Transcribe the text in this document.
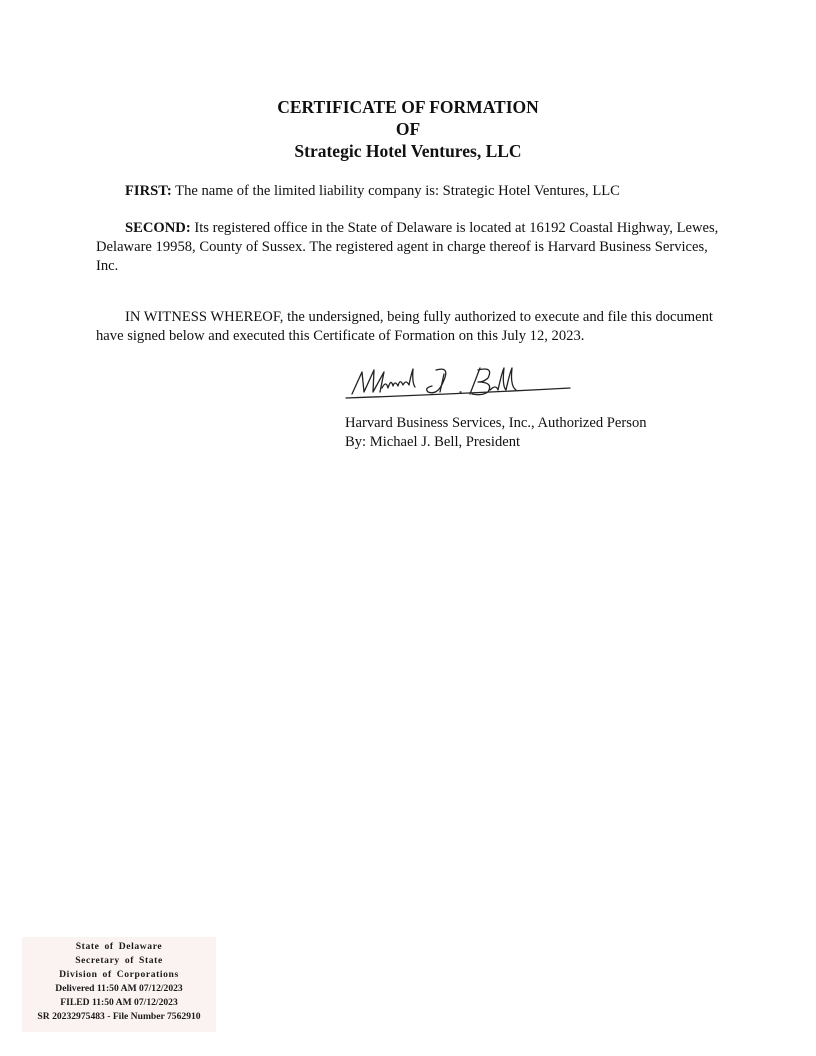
CERTIFICATE OF FORMATION
OF
Strategic Hotel Ventures, LLC
FIRST: The name of the limited liability company is: Strategic Hotel Ventures, LLC
SECOND: Its registered office in the State of Delaware is located at 16192 Coastal Highway, Lewes, Delaware 19958, County of Sussex. The registered agent in charge thereof is Harvard Business Services, Inc.
IN WITNESS WHEREOF, the undersigned, being fully authorized to execute and file this document have signed below and executed this Certificate of Formation on this July 12, 2023.
Harvard Business Services, Inc., Authorized Person
By: Michael J. Bell, President
State of Delaware
Secretary of State
Division of Corporations
Delivered 11:50 AM 07/12/2023
FILED 11:50 AM 07/12/2023
SR 20232975483 - File Number 7562910
